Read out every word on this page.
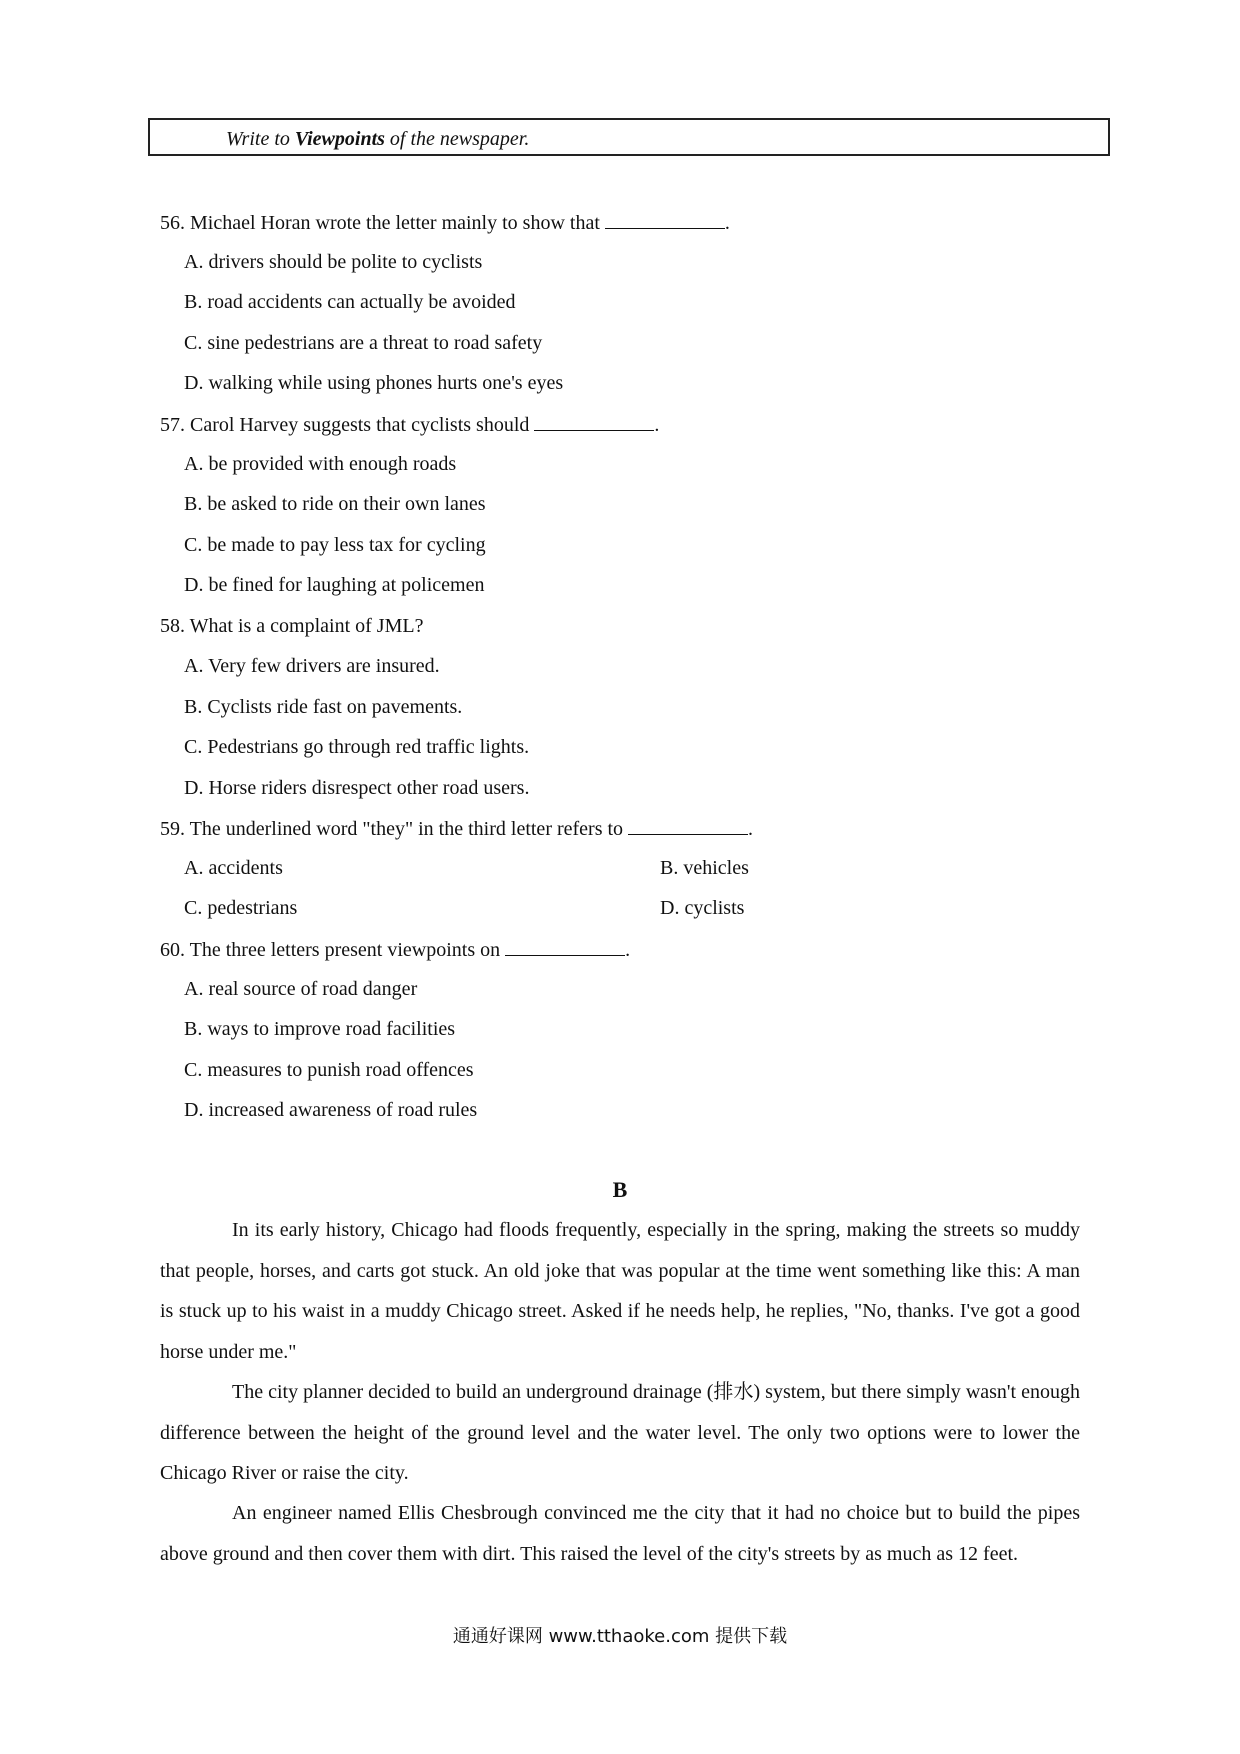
Write to Viewpoints of the newspaper.
56. Michael Horan wrote the letter mainly to show that	.
A. drivers should be polite to cyclists
B. road accidents can actually be avoided
C. sine pedestrians are a threat to road safety
D. walking while using phones hurts one's eyes
57. Carol Harvey suggests that cyclists should	.
A. be provided with enough roads
B. be asked to ride on their own lanes
C. be made to pay less tax for cycling
D. be fined for laughing at policemen
58. What is a complaint of JML?
A. Very few drivers are insured.
B. Cyclists ride fast on pavements.
C. Pedestrians go through red traffic lights.
D. Horse riders disrespect other road users.
59. The underlined word "they" in the third letter refers to	.
A. accidents	B. vehicles
C. pedestrians	D. cyclists
60. The three letters present viewpoints on	.
A. real source of road danger
B. ways to improve road facilities
C. measures to punish road offences
D. increased awareness of road rules
B
In its early history, Chicago had floods frequently, especially in the spring, making the streets so muddy that people, horses, and carts got stuck. An old joke that was popular at the time went something like this: A man is stuck up to his waist in a muddy Chicago street. Asked if he needs help, he replies, "No, thanks. I've got a good horse under me."
The city planner decided to build an underground drainage (排水) system, but there simply wasn't enough difference between the height of the ground level and the water level. The only two options were to lower the Chicago River or raise the city.
An engineer named Ellis Chesbrough convinced me the city that it had no choice but to build the pipes above ground and then cover them with dirt. This raised the level of the city's streets by as much as 12 feet.
通通好课网 www.tthaoke.com 提供下载
